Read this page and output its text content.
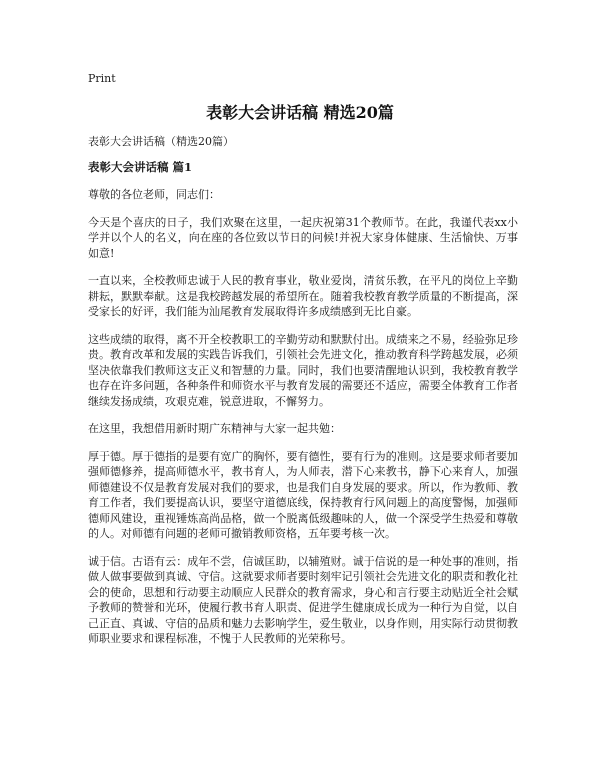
Print
表彰大会讲话稿 精选20篇

表彰大会讲话稿（精选20篇）

表彰大会讲话稿 篇1

尊敬的各位老师，同志们：

今天是个喜庆的日子，我们欢聚在这里，一起庆祝第31个教师节。在此，我谨代表xx小学并以个人的名义，向在座的各位致以节日的问候!并祝大家身体健康、生活愉快、万事如意!

一直以来，全校教师忠诚于人民的教育事业，敬业爱岗，清贫乐教，在平凡的岗位上辛勤耕耘，默默奉献。这是我校跨越发展的希望所在。随着我校教育教学质量的不断提高，深受家长的好评，我们能为汕尾教育发展取得许多成绩感到无比自豪。

这些成绩的取得，离不开全校教职工的辛勤劳动和默默付出。成绩来之不易，经验弥足珍贵。教育改革和发展的实践告诉我们，引领社会先进文化，推动教育科学跨越发展，必须坚决依靠我们教师这支正义和智慧的力量。同时，我们也要清醒地认识到，我校教育教学也存在许多问题，各种条件和师资水平与教育发展的需要还不适应，需要全体教育工作者继续发扬成绩，攻艰克难，锐意进取，不懈努力。

在这里，我想借用新时期广东精神与大家一起共勉：

厚于德。厚于德指的是要有宽广的胸怀，要有德性，要有行为的准则。这是要求师者要加强师德修养，提高师德水平，教书育人，为人师表，潜下心来教书，静下心来育人，加强师德建设不仅是教育发展对我们的要求，也是我们自身发展的要求。所以，作为教师、教育工作者，我们要提高认识，要坚守道德底线，保持教育行风问题上的高度警惕，加强师德师风建设，重视锤炼高尚品格，做一个脱离低级趣味的人，做一个深受学生热爱和尊敬的人。对师德有问题的老师可撤销教师资格，五年要考核一次。

诚于信。古语有云：成年不尝，信诚匡助，以辅殖财。诚于信说的是一种处事的准则，指做人做事要做到真诚、守信。这就要求师者要时刻牢记引领社会先进文化的职责和教化社会的使命，思想和行动要主动顺应人民群众的教育需求，身心和言行要主动贴近全社会赋予教师的赞誉和光环，使履行教书育人职责、促进学生健康成长成为一种行为自觉，以自己正直、真诚、守信的品质和魅力去影响学生，爱生敬业，以身作则，用实际行动贯彻教师职业要求和课程标准，不愧于人民教师的光荣称号。
